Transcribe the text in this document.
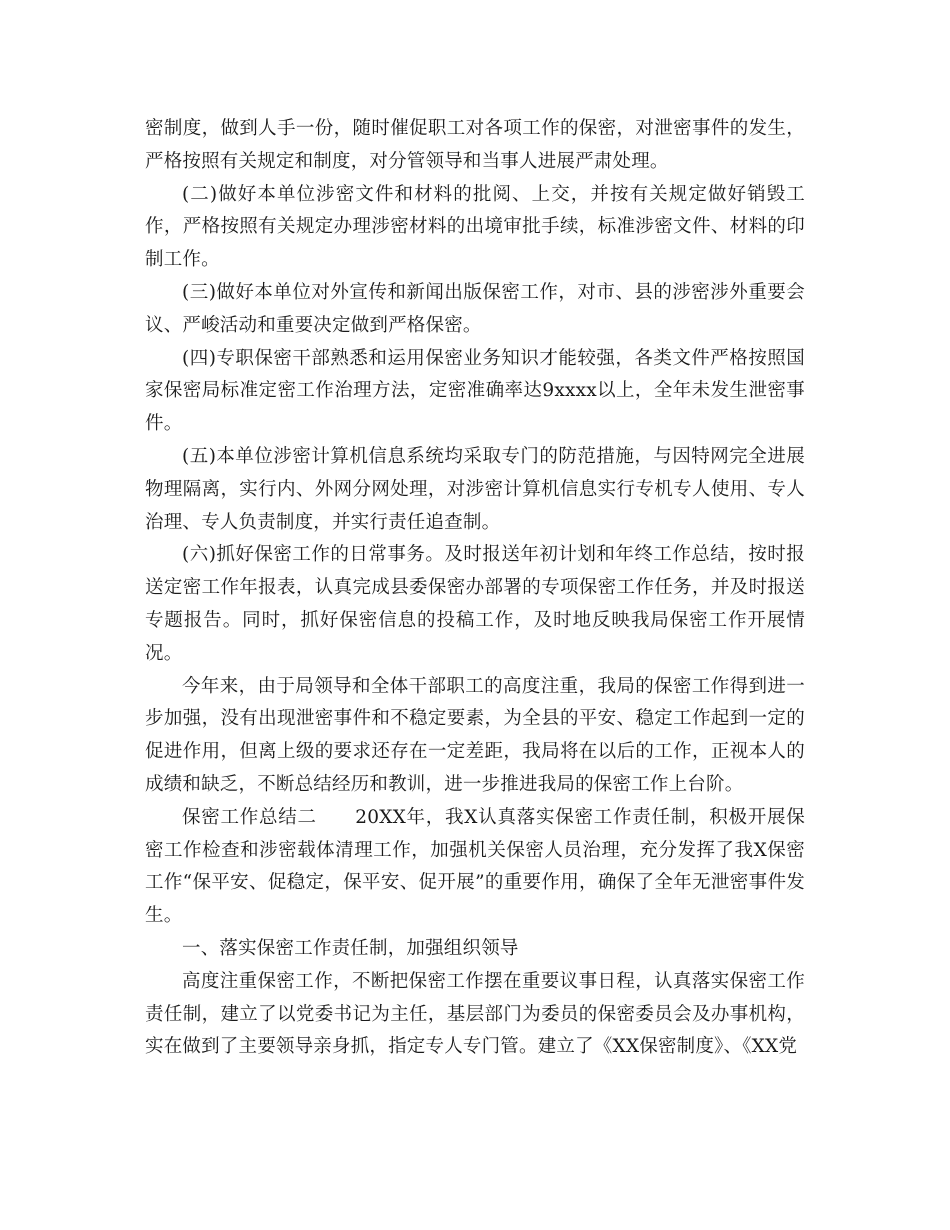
密制度，做到人手一份，随时催促职工对各项工作的保密，对泄密事件的发生，严格按照有关规定和制度，对分管领导和当事人进展严肃处理。

(二)做好本单位涉密文件和材料的批阅、上交，并按有关规定做好销毁工作，严格按照有关规定办理涉密材料的出境审批手续，标准涉密文件、材料的印制工作。

(三)做好本单位对外宣传和新闻出版保密工作，对市、县的涉密涉外重要会议、严峻活动和重要决定做到严格保密。

(四)专职保密干部熟悉和运用保密业务知识才能较强，各类文件严格按照国家保密局标准定密工作治理方法，定密准确率达9xxxx以上，全年未发生泄密事件。

(五)本单位涉密计算机信息系统均采取专门的防范措施，与因特网完全进展物理隔离，实行内、外网分网处理，对涉密计算机信息实行专机专人使用、专人治理、专人负责制度，并实行责任追查制。

(六)抓好保密工作的日常事务。及时报送年初计划和年终工作总结，按时报送定密工作年报表，认真完成县委保密办部署的专项保密工作任务，并及时报送专题报告。同时，抓好保密信息的投稿工作，及时地反映我局保密工作开展情况。

今年来，由于局领导和全体干部职工的高度注重，我局的保密工作得到进一步加强，没有出现泄密事件和不稳定要素，为全县的平安、稳定工作起到一定的促进作用，但离上级的要求还存在一定差距，我局将在以后的工作，正视本人的成绩和缺乏，不断总结经历和教训，进一步推进我局的保密工作上台阶。

保密工作总结二　　20XX年，我X认真落实保密工作责任制，积极开展保密工作检查和涉密载体清理工作，加强机关保密人员治理，充分发挥了我X保密工作“保平安、促稳定，保平安、促开展”的重要作用，确保了全年无泄密事件发生。

一、落实保密工作责任制，加强组织领导

高度注重保密工作，不断把保密工作摆在重要议事日程，认真落实保密工作责任制，建立了以党委书记为主任，基层部门为委员的保密委员会及办事机构，实在做到了主要领导亲身抓，指定专人专门管。建立了《XX保密制度》、《XX党
